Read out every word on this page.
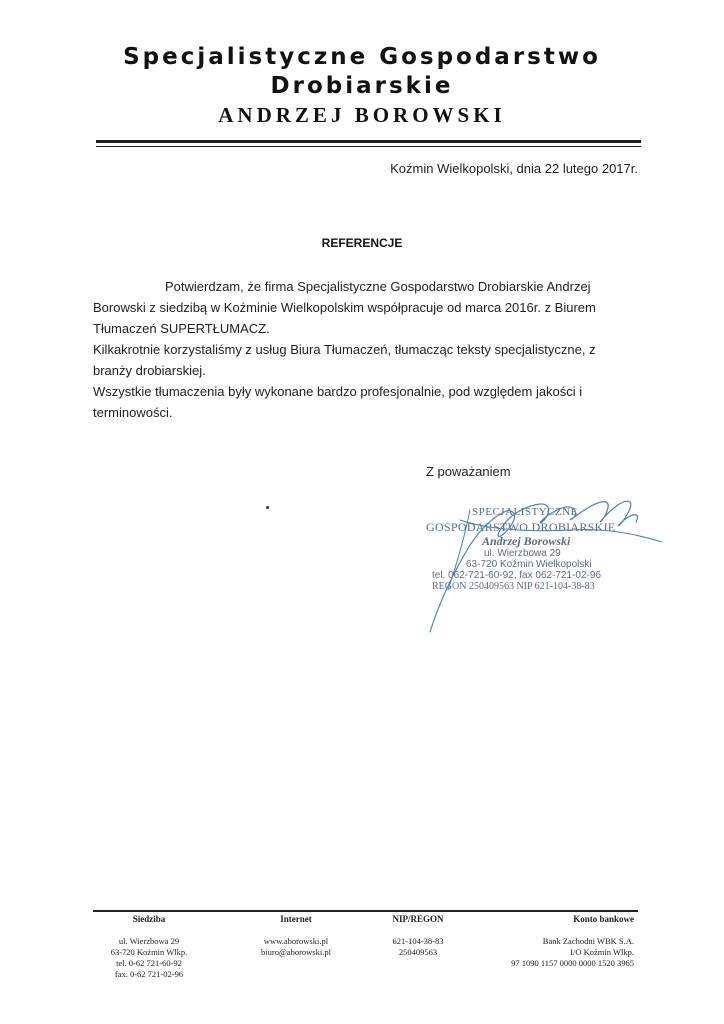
Specjalistyczne Gospodarstwo
Drobiarskie
ANDRZEJ BOROWSKI
Koźmin Wielkopolski, dnia 22 lutego 2017r.
REFERENCJE

Potwierdzam, że firma Specjalistyczne Gospodarstwo Drobiarskie Andrzej Borowski z siedzibą w Koźminie Wielkopolskim współpracuje od marca 2016r. z Biurem Tłumaczeń SUPERTŁUMACZ.

Kilkakrotnie korzystaliśmy z usług Biura Tłumaczeń, tłumacząc teksty specjalistyczne, z branży drobiarskiej.

Wszystkie tłumaczenia były wykonane bardzo profesjonalnie, pod względem jakości i terminowości.

Z poważaniem
SPECJALISTYCZNE
GOSPODARSTWO DROBIARSKIE
Andrzej Borowski
ul. Wierzbowa 29
63-720 Koźmin Wielkopolski
tel. 062-721-60-92, fax 062-721-02-96
REGON 250409563 NIP 621-104-38-83
Siedziba
ul. Wierzbowa 29
63-720 Koźmin Wlkp.
tel. 0-62 721-60-92
fax. 0-62 721-02-96
Internet
www.aborowski.pl
biuro@aborowski.pl
NIP/REGON
621-104-38-83
250409563
Konto bankowe
Bank Zachodni WBK S.A.
I/O Koźmin Wlkp.
97 1090 1157 0000 0000 1520 3965
